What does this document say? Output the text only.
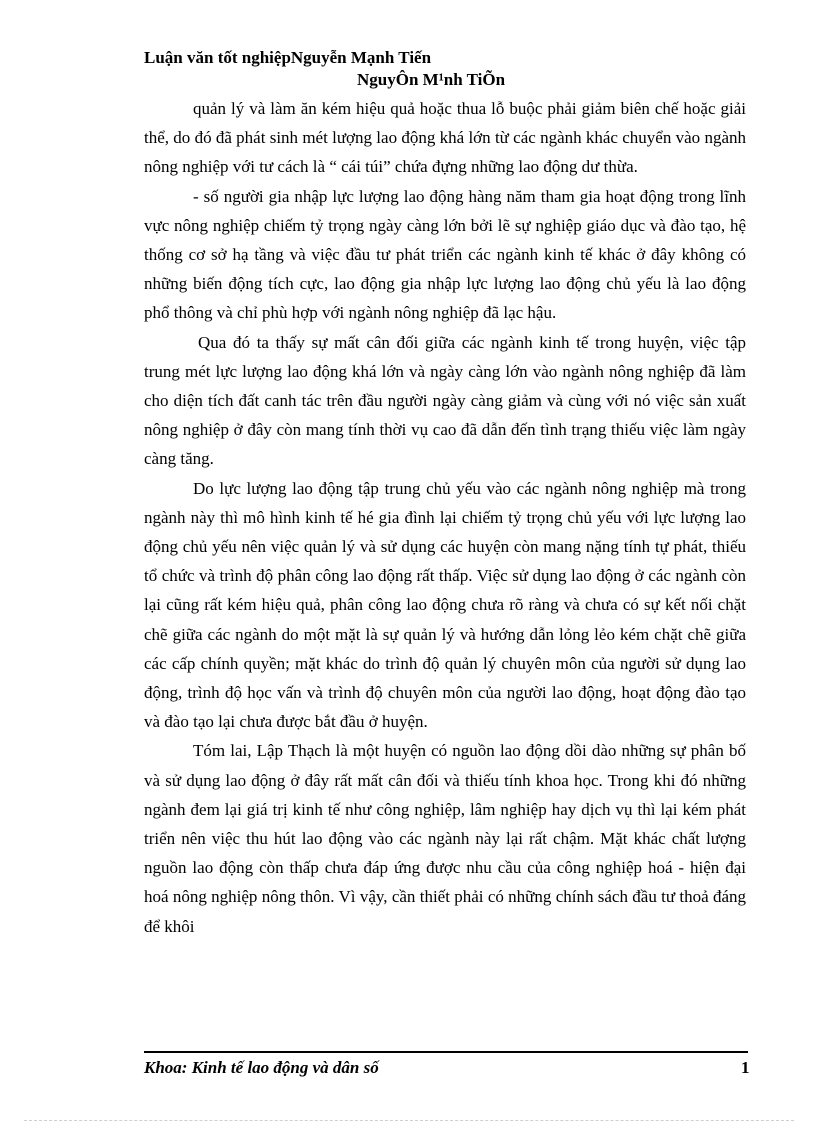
Luận văn tốt nghiệpNguyễn Mạnh Tiến
NguyÔn M¹nh TiÕn

quản lý và làm ăn kém hiệu quả hoặc thua lỗ buộc phải giảm biên chế hoặc giải thể, do đó đã phát sinh mét lượng lao động khá lớn từ các ngành khác chuyển vào ngành nông nghiệp với tư cách là “ cái túi” chứa đựng những lao động dư thừa.

- số người gia nhập lực lượng lao động hàng năm tham gia hoạt động trong lĩnh vực nông nghiệp chiếm tỷ trọng ngày càng lớn bởi lẽ sự nghiệp giáo dục và đào tạo, hệ thống cơ sở hạ tầng và việc đầu tư phát triển các ngành kinh tế khác ở đây không có những biến động tích cực, lao động gia nhập lực lượng lao động chủ yếu là lao động phổ thông và chỉ phù hợp với ngành nông nghiệp đã lạc hậu.

Qua đó ta thấy sự mất cân đối giữa các ngành kinh tế trong huyện, việc tập trung mét lực lượng lao động khá lớn và ngày càng lớn vào ngành nông nghiệp đã làm cho diện tích đất canh tác trên đầu người ngày càng giảm và cùng với nó việc sản xuất nông nghiệp ở đây còn mang tính thời vụ cao đã dẫn đến tình trạng thiếu việc làm ngày càng tăng.

Do lực lượng lao động tập trung chủ yếu vào các ngành nông nghiệp mà trong ngành này thì mô hình kinh tế hé gia đình lại chiếm tỷ trọng chủ yếu với lực lượng lao động chủ yếu nên việc quản lý và sử dụng các huyện còn mang nặng tính tự phát, thiếu tổ chức và trình độ phân công lao động rất thấp. Việc sử dụng lao động ở các ngành còn lại cũng rất kém hiệu quả, phân công lao động chưa rõ ràng và chưa có sự kết nối chặt chẽ giữa các ngành do một mặt là sự quản lý và hướng dẫn lỏng lẻo kém chặt chẽ giữa các cấp chính quyền; mặt khác do trình độ quản lý chuyên môn của người sử dụng lao động, trình độ học vấn và trình độ chuyên môn của người lao động, hoạt động đào tạo và đào tạo lại chưa được bắt đầu ở huyện.

Tóm lai, Lập Thạch là một huyện có nguồn lao động dồi dào những sự phân bố và sử dụng lao động ở đây rất mất cân đối và thiếu tính khoa học. Trong khi đó những ngành đem lại giá trị kinh tế như công nghiệp, lâm nghiệp hay dịch vụ thì lại kém phát triển nên việc thu hút lao động vào các ngành này lại rất chậm. Mặt khác chất lượng nguồn lao động còn thấp chưa đáp ứng được nhu cầu của công nghiệp hoá - hiện đại hoá nông nghiệp nông thôn. Vì vậy, cần thiết phải có những chính sách đầu tư thoả đáng để khôi

Khoa: Kinh tế lao động và dân số	1
